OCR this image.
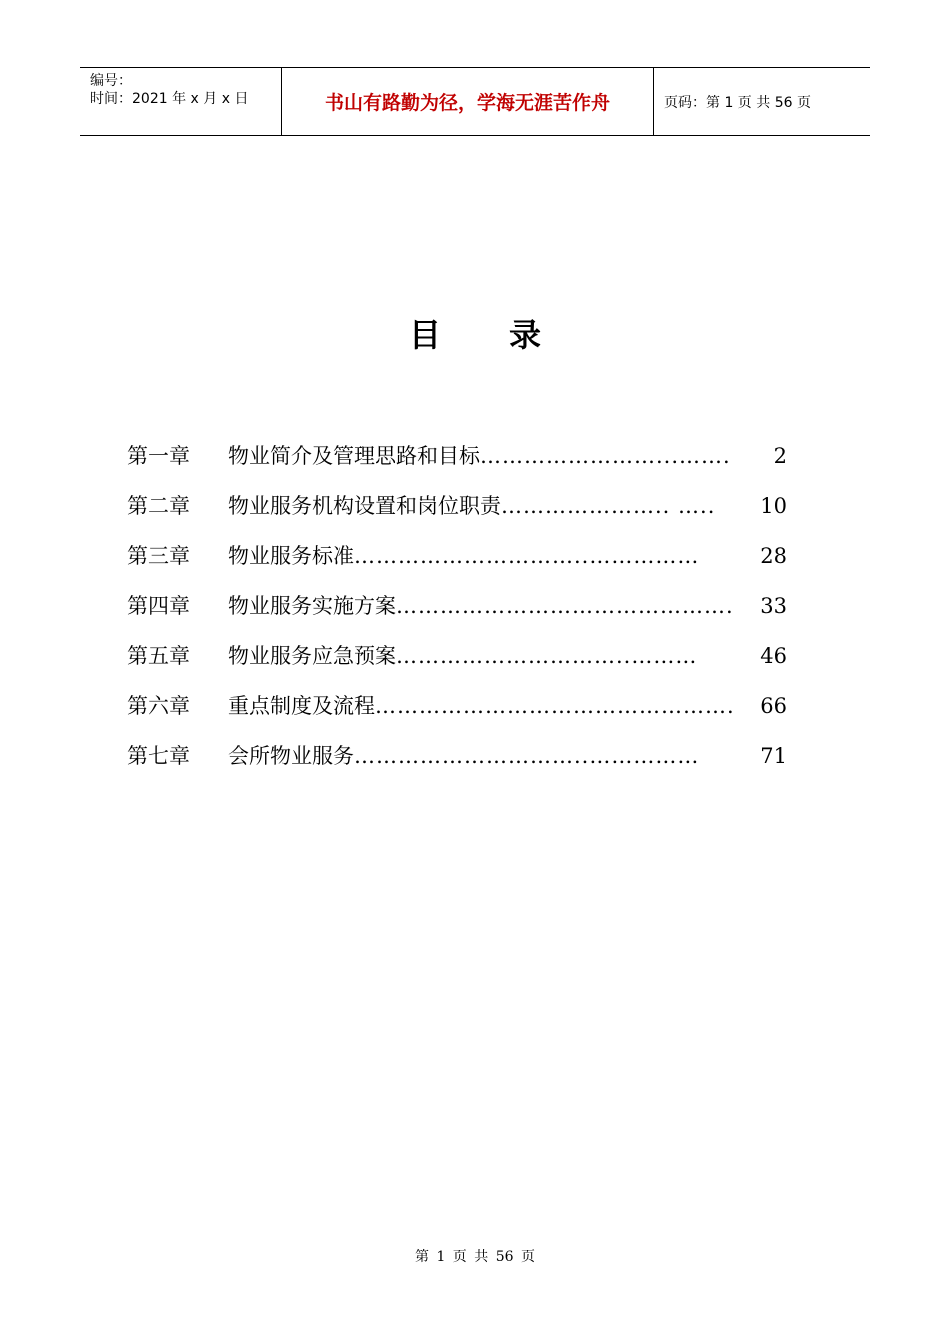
编号：
时间：2021 年 x 月 x 日	书山有路勤为径，学海无涯苦作舟	页码：第 1 页 共 56 页
目录
第一章	物业简介及管理思路和目标 ……………………...…….	2
第二章	物业服务机构设置和岗位职责 ………………….. …..	10
第三章	物业服务标准 …………………………..……………	28
第四章	物业服务实施方案 ……………………………………….	33
第五章	物业服务应急预案 …………………………..………	46
第六章	重点制度及流程 ………………………………………….	66
第七章	会所物业服务 …………………………..……………	71
第 1 页 共 56 页
